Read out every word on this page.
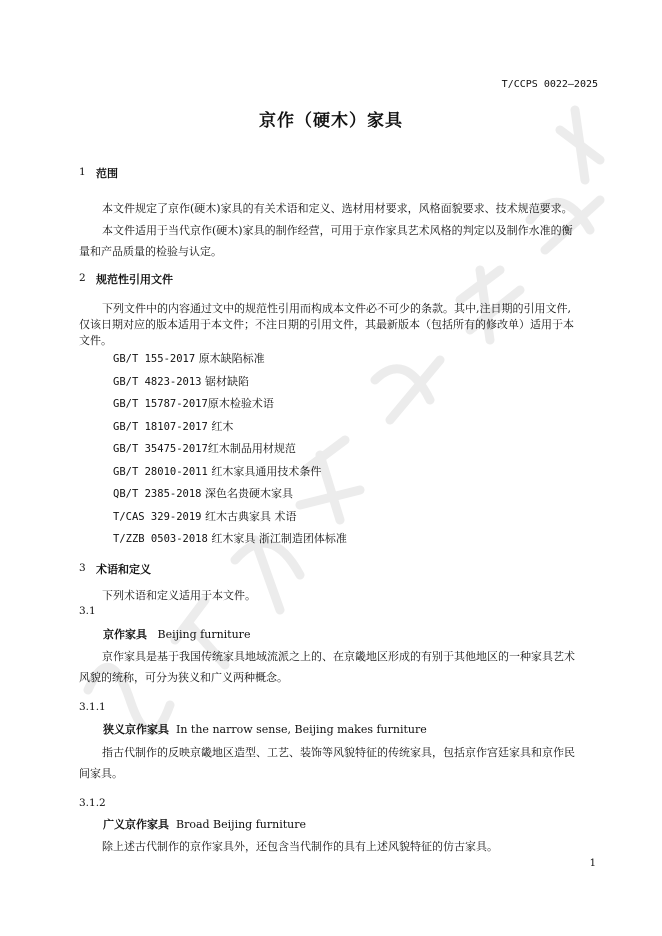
T/CCPS 0022—2025
京作（硬木）家具
1 范围
本文件规定了京作(硬木)家具的有关术语和定义、选材用材要求，风格面貌要求、技术规范要求。
本文件适用于当代京作(硬木)家具的制作经营，可用于京作家具艺术风格的判定以及制作水准的衡
量和产品质量的检验与认定。
2 规范性引用文件
下列文件中的内容通过文中的规范性引用而构成本文件必不可少的条款。其中,注日期的引用文件,
仅该日期对应的版本适用于本文件；不注日期的引用文件，其最新版本（包括所有的修改单）适用于本
文件。
GB/T 155-2017 原木缺陷标准
GB/T 4823-2013 锯材缺陷
GB/T 15787-2017原木检验术语
GB/T 18107-2017 红木
GB/T 35475-2017红木制品用材规范
GB/T 28010-2011 红木家具通用技术条件
QB/T 2385-2018 深色名贵硬木家具
T/CAS 329-2019 红木古典家具 术语
T/ZZB 0503-2018 红木家具 浙江制造团体标准
3 术语和定义
下列术语和定义适用于本文件。
3.1
京作家具 Beijing furniture
京作家具是基于我国传统家具地域流派之上的、在京畿地区形成的有别于其他地区的一种家具艺术
风貌的统称，可分为狭义和广义两种概念。
3.1.1
狭义京作家具 In the narrow sense, Beijing makes furniture
指古代制作的反映京畿地区造型、工艺、装饰等风貌特征的传统家具，包括京作宫廷家具和京作民
间家具。
3.1.2
广义京作家具 Broad Beijing furniture
除上述古代制作的京作家具外，还包含当代制作的具有上述风貌特征的仿古家具。
1
